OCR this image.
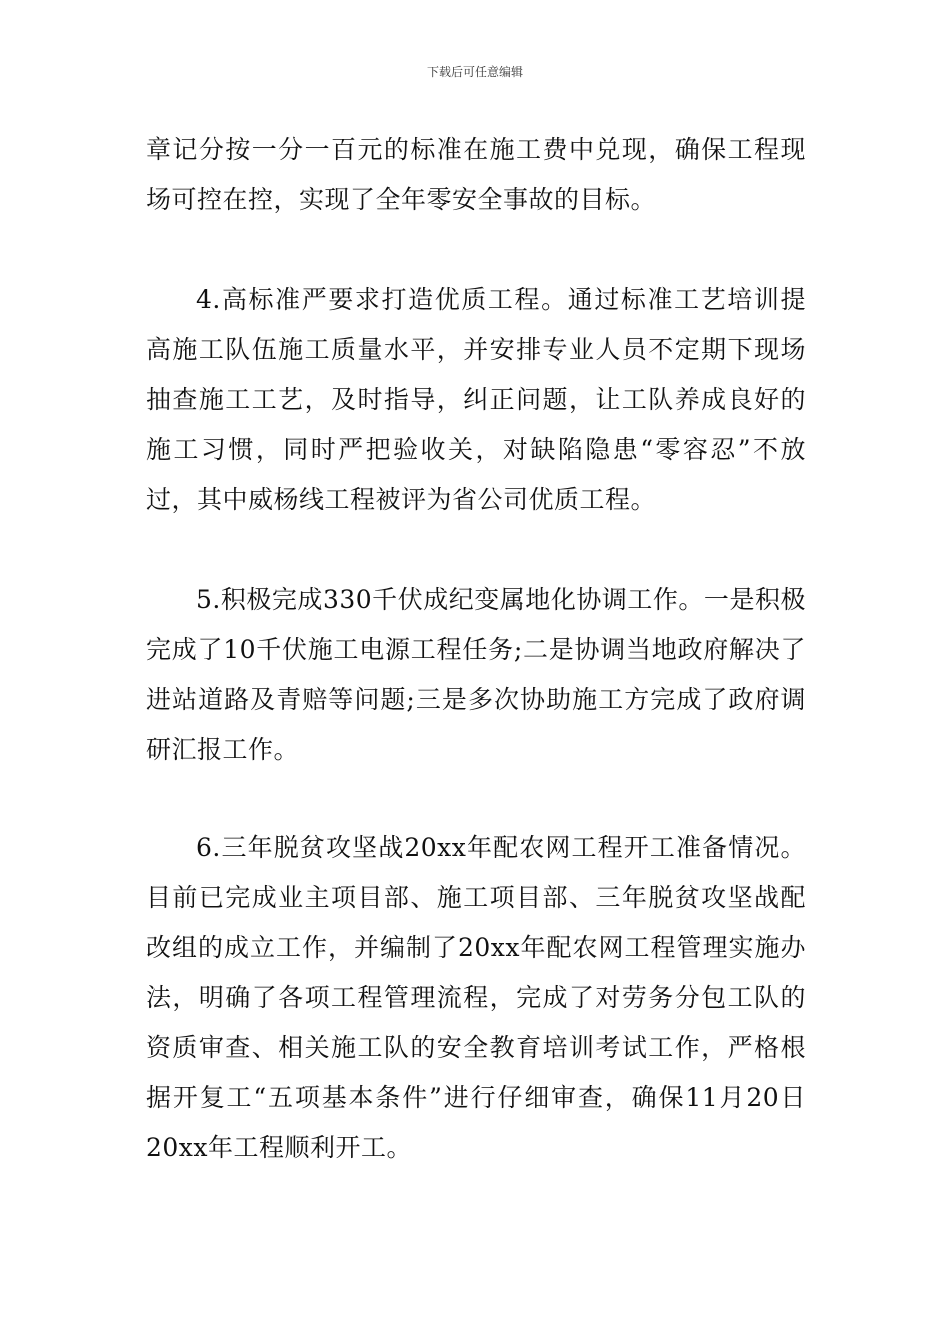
下载后可任意编辑

章记分按一分一百元的标准在施工费中兑现，确保工程现场可控在控，实现了全年零安全事故的目标。

4.高标准严要求打造优质工程。通过标准工艺培训提高施工队伍施工质量水平，并安排专业人员不定期下现场抽查施工工艺，及时指导，纠正问题，让工队养成良好的施工习惯，同时严把验收关，对缺陷隐患“零容忍”不放过，其中威杨线工程被评为省公司优质工程。

5.积极完成330千伏成纪变属地化协调工作。一是积极完成了10千伏施工电源工程任务;二是协调当地政府解决了进站道路及青赔等问题;三是多次协助施工方完成了政府调研汇报工作。

6.三年脱贫攻坚战20xx年配农网工程开工准备情况。目前已完成业主项目部、施工项目部、三年脱贫攻坚战配改组的成立工作，并编制了20xx年配农网工程管理实施办法，明确了各项工程管理流程，完成了对劳务分包工队的资质审查、相关施工队的安全教育培训考试工作，严格根据开复工“五项基本条件”进行仔细审查，确保11月20日20xx年工程顺利开工。
